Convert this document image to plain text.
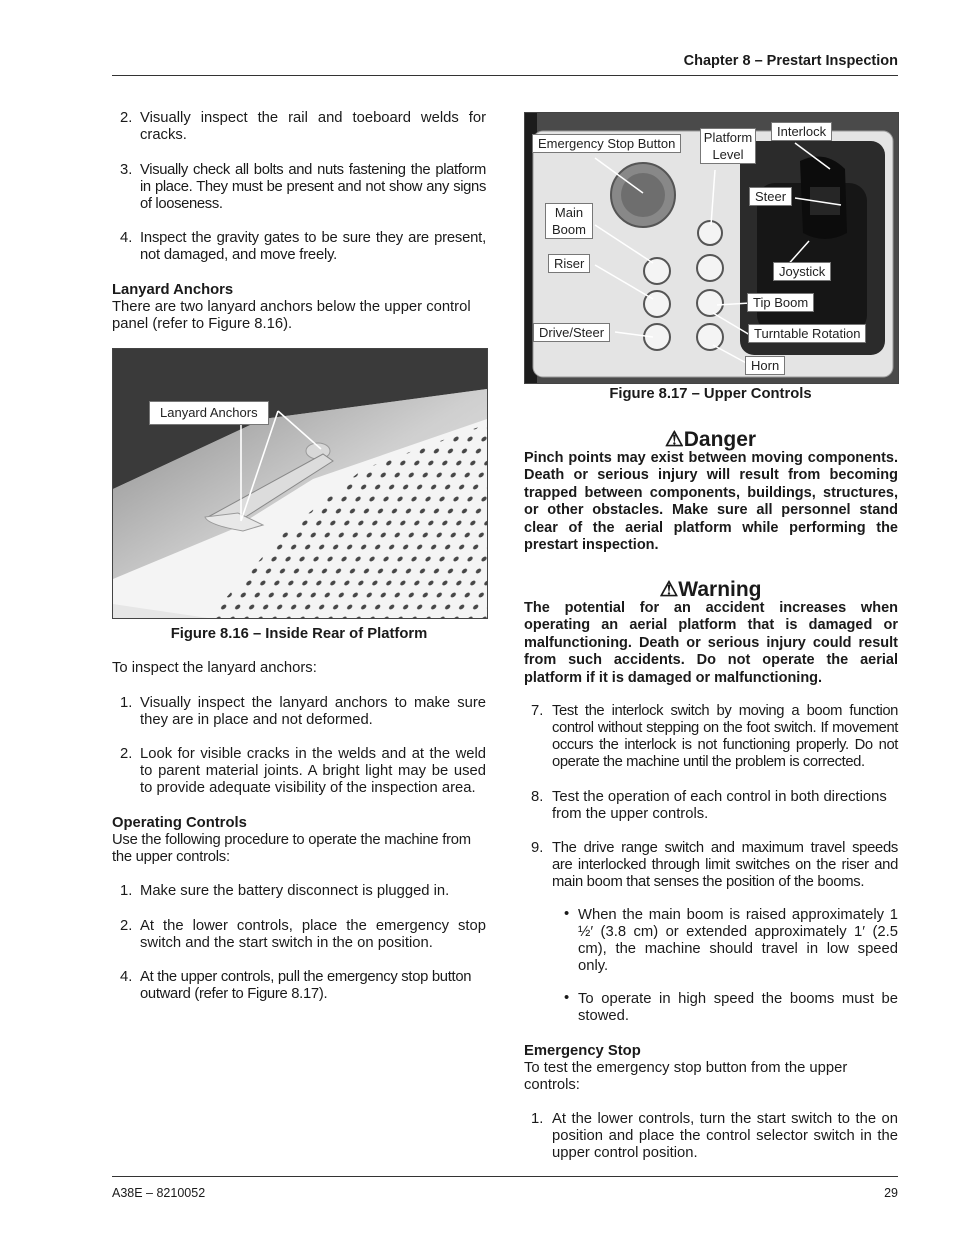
Chapter 8 – Prestart Inspection
2. Visually inspect the rail and toeboard welds for cracks.
3. Visually check all bolts and nuts fastening the platform in place. They must be present and not show any signs of looseness.
4. Inspect the gravity gates to be sure they are present, not damaged, and move freely.
Lanyard Anchors
There are two lanyard anchors below the upper control panel (refer to Figure 8.16).
Lanyard Anchors
Figure 8.16 – Inside Rear of Platform
To inspect the lanyard anchors:
1. Visually inspect the lanyard anchors to make sure they are in place and not deformed.
2. Look for visible cracks in the welds and at the weld to parent material joints. A bright light may be used to provide adequate visibility of the inspection area.
Operating Controls
Use the following procedure to operate the machine from the upper controls:
1. Make sure the battery disconnect is plugged in.
2. At the lower controls, place the emergency stop switch and the start switch in the on position.
4. At the upper controls, pull the emergency stop button outward (refer to Figure 8.17).
Emergency Stop Button	Platform Level
Interlock
Main Boom
Steer
Riser
Joystick
Tip Boom
Drive/Steer	Turntable Rotation
Horn
Figure 8.17 – Upper Controls
⚠Danger
Pinch points may exist between moving components. Death or serious injury will result from becoming trapped between components, buildings, structures, or other obstacles. Make sure all personnel stand clear of the aerial platform while performing the prestart inspection.
⚠Warning
The potential for an accident increases when operating an aerial platform that is damaged or malfunctioning. Death or serious injury could result from such accidents. Do not operate the aerial platform if it is damaged or malfunctioning.
7. Test the interlock switch by moving a boom function control without stepping on the foot switch. If movement occurs the interlock is not functioning properly. Do not operate the machine until the problem is corrected.
8. Test the operation of each control in both directions from the upper controls.
9. The drive range switch and maximum travel speeds are interlocked through limit switches on the riser and main boom that senses the position of the booms.
• When the main boom is raised approximately 1 ½′ (3.8 cm) or extended approximately 1′ (2.5 cm), the machine should travel in low speed only.
• To operate in high speed the booms must be stowed.
Emergency Stop
To test the emergency stop button from the upper controls:
1. At the lower controls, turn the start switch to the on position and place the control selector switch in the upper control position.
A38E – 8210052	29
